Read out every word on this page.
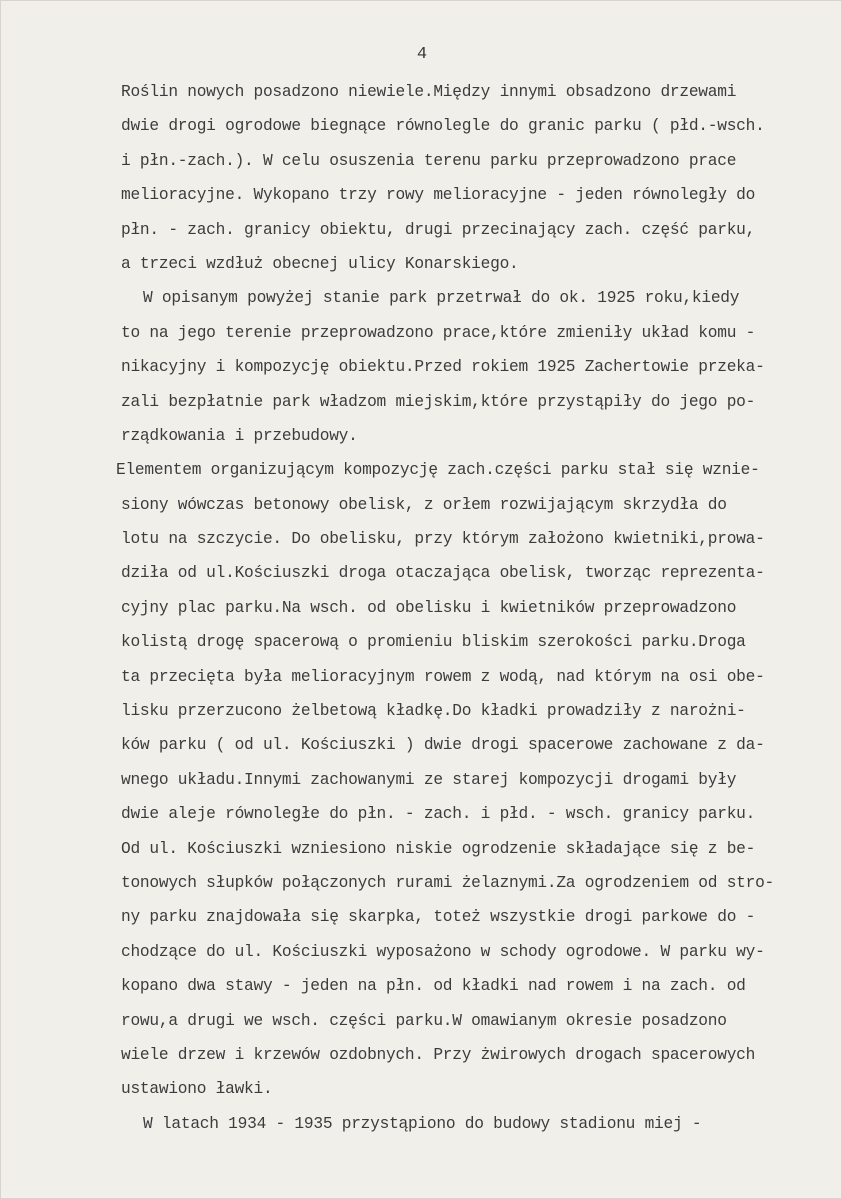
4
Roślin nowych posadzono niewiele.Między innymi obsadzono drzewami
dwie drogi ogrodowe biegnące równolegle do granic parku ( płd.-wsch.
i płn.-zach.). W celu osuszenia terenu parku przeprowadzono prace
melioracyjne. Wykopano trzy rowy melioracyjne - jeden równoległy do
płn. - zach. granicy obiektu, drugi przecinający zach. część parku,
a trzeci wzdłuż obecnej ulicy Konarskiego.
W opisanym powyżej stanie park przetrwał do ok. 1925 roku,kiedy
to na jego terenie przeprowadzono prace,które zmieniły układ komu -
nikacyjny i kompozycję obiektu.Przed rokiem 1925 Zachertowie przeka-
zali bezpłatnie park władzom miejskim,które przystąpiły do jego po-
rządkowania i przebudowy.
Elementem organizującym kompozycję zach.części parku stał się wznie-
siony wówczas betonowy obelisk, z orłem rozwijającym skrzydła do
lotu na szczycie. Do obelisku, przy którym założono kwietniki,prowa-
dziła od ul.Kościuszki droga otaczająca obelisk, tworząc reprezenta-
cyjny plac parku.Na wsch. od obelisku i kwietników przeprowadzono
kolistą drogę spacerową o promieniu bliskim szerokości parku.Droga
ta przecięta była melioracyjnym rowem z wodą, nad którym na osi obe-
lisku przerzucono żelbetową kładkę.Do kładki prowadziły z narożni-
ków parku ( od ul. Kościuszki ) dwie drogi spacerowe zachowane z da-
wnego układu.Innymi zachowanymi ze starej kompozycji drogami były
dwie aleje równoległe do płn. - zach. i płd. - wsch. granicy parku.
Od ul. Kościuszki wzniesiono niskie ogrodzenie składające się z be-
tonowych słupków połączonych rurami żelaznymi.Za ogrodzeniem od stro-
ny parku znajdowała się skarpka, toteż wszystkie drogi parkowe do -
chodzące do ul. Kościuszki wyposażono w schody ogrodowe. W parku wy-
kopano dwa stawy - jeden na płn. od kładki nad rowem i na zach. od
rowu,a drugi we wsch. części parku.W omawianym okresie posadzono
wiele drzew i krzewów ozdobnych. Przy żwirowych drogach spacerowych
ustawiono ławki.
W latach 1934 - 1935 przystąpiono do budowy stadionu miej -
